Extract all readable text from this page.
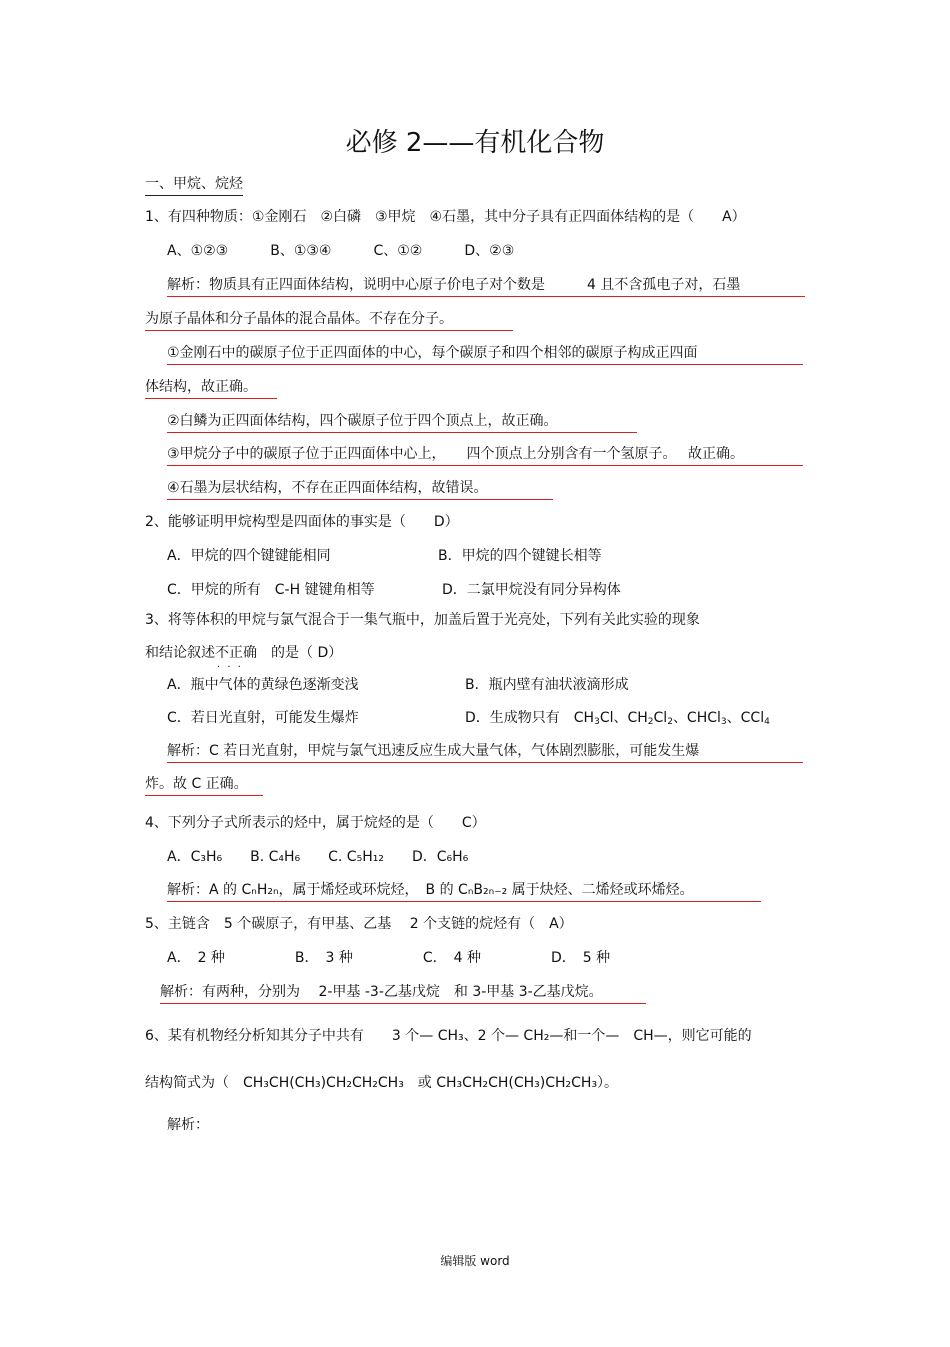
必修 2——有机化合物
一、甲烷、烷烃
1、有四种物质：①金刚石　②白磷　③甲烷　④石墨，其中分子具有正四面体结构的是（　　A）
A、①②③　　　B、①③④　　　C、①②　　　D、②③
解析：物质具有正四面体结构，说明中心原子价电子对个数是　　　4 且不含孤电子对，石墨
为原子晶体和分子晶体的混合晶体。不存在分子。
①金刚石中的碳原子位于正四面体的中心，每个碳原子和四个相邻的碳原子构成正四面
体结构，故正确。
②白鳞为正四面体结构，四个碳原子位于四个顶点上，故正确。
③甲烷分子中的碳原子位于正四面体中心上，　　四个顶点上分别含有一个氢原子。　 故正确。
④石墨为层状结构，不存在正四面体结构，故错误。
2、能够证明甲烷构型是四面体的事实是（　　D）
A．甲烷的四个键键能相同	B．甲烷的四个键键长相等
C．甲烷的所有　C-H 键键角相等	D．二氯甲烷没有同分异构体
3、将等体积的甲烷与氯气混合于一集气瓶中，加盖后置于光亮处，下列有关此实验的现象
和结论叙述不正确 · · ·　的是（ D）
A．瓶中气体的黄绿色逐渐变浅	B．瓶内壁有油状液滴形成
C．若日光直射，可能发生爆炸	D．生成物只有　$CH_3Cl$、$CH_2Cl_2$、CHCl$_3$、CCl$_4$
解析：C 若日光直射，甲烷与氯气迅速反应生成大量气体，气体剧烈膨胀，可能发生爆
炸。故 C 正确。
4、下列分子式所表示的烃中，属于烷烃的是（　　C）
A．C₃H₆　　B. C₄H₆　　C. C₅H₁₂　　D．C₆H₆
解析：A 的 CₙH₂ₙ，属于烯烃或环烷烃，　B 的 CₙB₂ₙ₋₂ 属于炔烃、二烯烃或环烯烃。
5、主链含　5 个碳原子，有甲基、乙基　 2 个支链的烷烃有（　A）
A．　2 种　　　　　B．　3 种　　　　　C．　4 种　　　　　D．　5 种
解析：有两种，分别为　 2-甲基 -3-乙基戊烷　和 3-甲基 3-乙基戊烷。
6、某有机物经分析知其分子中共有　　3 个— CH₃、2 个— CH₂—和一个—　CH—，则它可能的
结构简式为（　CH₃CH(CH₃)CH₂CH₂CH₃　或 CH₃CH₂CH(CH₃)CH₂CH₃）。
解析：
编辑版 word
